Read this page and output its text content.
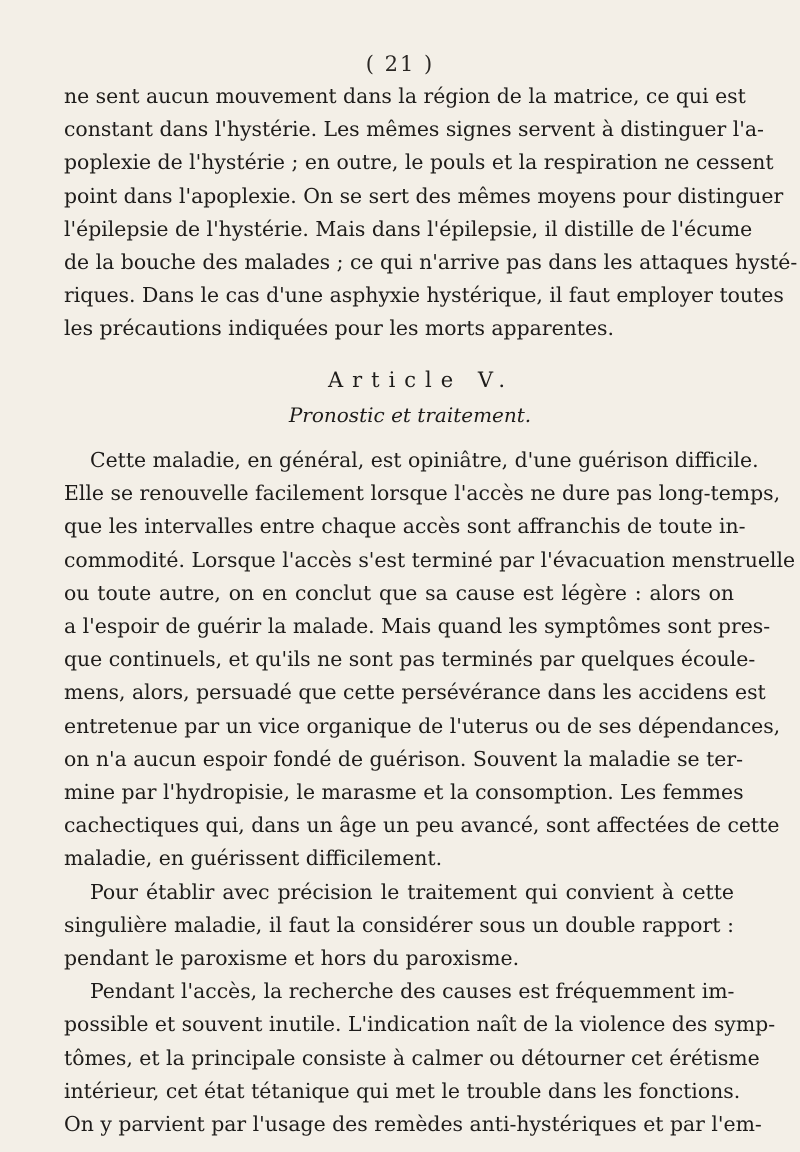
( 21 )

ne sent aucun mouvement dans la région de la matrice, ce qui est
constant dans l'hystérie. Les mêmes signes servent à distinguer l'a-
poplexie de l'hystérie ; en outre, le pouls et la respiration ne cessent
point dans l'apoplexie. On se sert des mêmes moyens pour distinguer
l'épilepsie de l'hystérie. Mais dans l'épilepsie, il distille de l'écume
de la bouche des malades ; ce qui n'arrive pas dans les attaques hysté-
riques. Dans le cas d'une asphyxie hystérique, il faut employer toutes
les précautions indiquées pour les morts apparentes.

Article V.
Pronostic et traitement.

Cette maladie, en général, est opiniâtre, d'une guérison difficile.
Elle se renouvelle facilement lorsque l'accès ne dure pas long-temps,
que les intervalles entre chaque accès sont affranchis de toute in-
commodité. Lorsque l'accès s'est terminé par l'évacuation menstruelle
ou toute autre, on en conclut que sa cause est légère : alors on
a l'espoir de guérir la malade. Mais quand les symptômes sont pres-
que continuels, et qu'ils ne sont pas terminés par quelques écoule-
mens, alors, persuadé que cette persévérance dans les accidens est
entretenue par un vice organique de l'uterus ou de ses dépendances,
on n'a aucun espoir fondé de guérison. Souvent la maladie se ter-
mine par l'hydropisie, le marasme et la consomption. Les femmes
cachectiques qui, dans un âge un peu avancé, sont affectées de cette
maladie, en guérissent difficilement.

Pour établir avec précision le traitement qui convient à cette
singulière maladie, il faut la considérer sous un double rapport :
pendant le paroxisme et hors du paroxisme.

Pendant l'accès, la recherche des causes est fréquemment im-
possible et souvent inutile. L'indication naît de la violence des symp-
tômes, et la principale consiste à calmer ou détourner cet érétisme
intérieur, cet état tétanique qui met le trouble dans les fonctions.
On y parvient par l'usage des remèdes anti-hystériques et par l'em-
